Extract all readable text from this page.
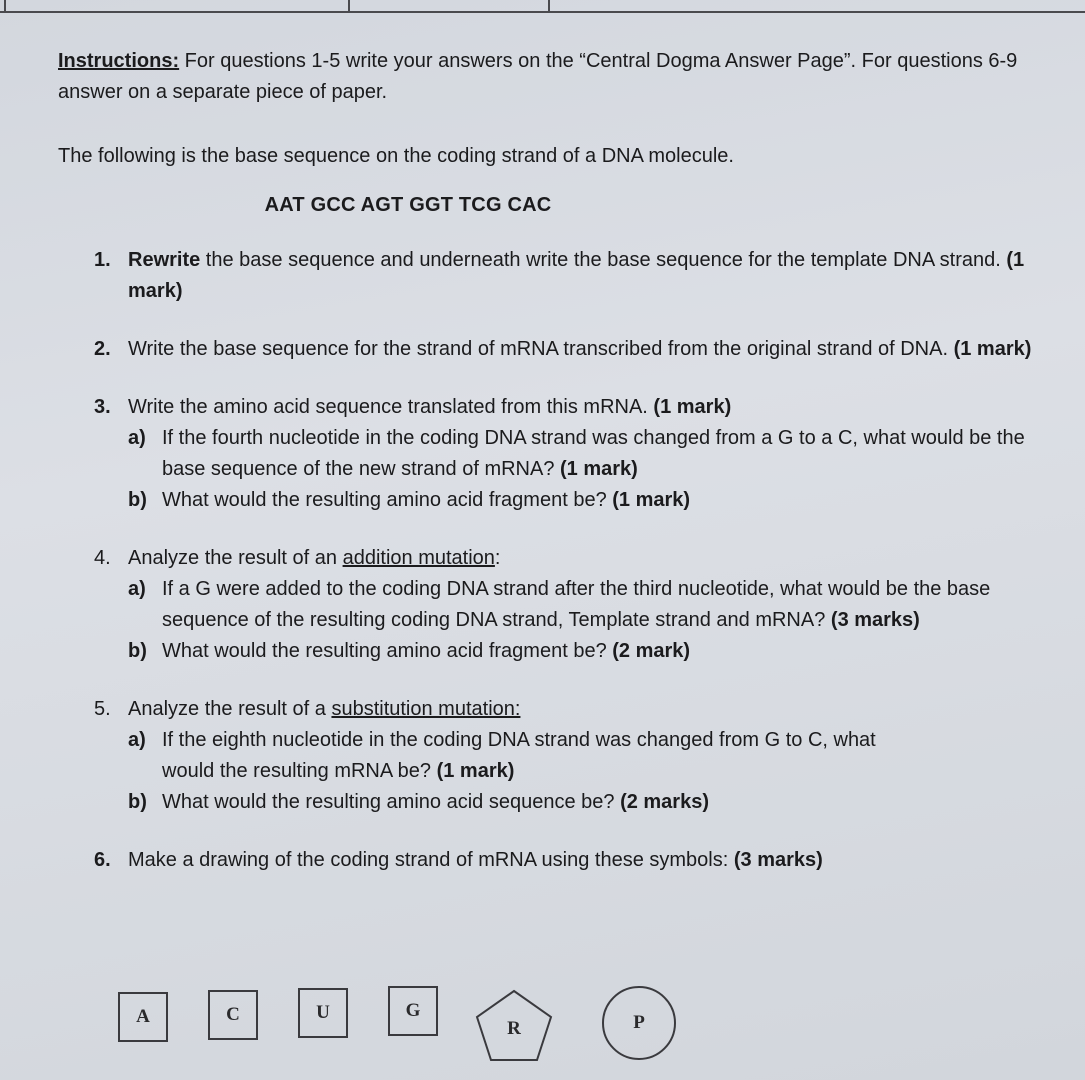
Instructions: For questions 1-5 write your answers on the “Central Dogma Answer Page”. For questions 6-9 answer on a separate piece of paper.

The following is the base sequence on the coding strand of a DNA molecule.

AAT GCC AGT GGT TCG CAC

1. Rewrite the base sequence and underneath write the base sequence for the template DNA strand. (1 mark)
2. Write the base sequence for the strand of mRNA transcribed from the original strand of DNA. (1 mark)
3. Write the amino acid sequence translated from this mRNA. (1 mark)
a) If the fourth nucleotide in the coding DNA strand was changed from a G to a C, what would be the base sequence of the new strand of mRNA? (1 mark)
b) What would the resulting amino acid fragment be? (1 mark)
4. Analyze the result of an addition mutation:
a) If a G were added to the coding DNA strand after the third nucleotide, what would be the base sequence of the resulting coding DNA strand, Template strand and mRNA? (3 marks)
b) What would the resulting amino acid fragment be? (2 mark)
5. Analyze the result of a substitution mutation:
a) If the eighth nucleotide in the coding DNA strand was changed from G to C, what would the resulting mRNA be? (1 mark)
b) What would the resulting amino acid sequence be? (2 marks)
6. Make a drawing of the coding strand of mRNA using these symbols: (3 marks)
A	C	U	G
R	P
